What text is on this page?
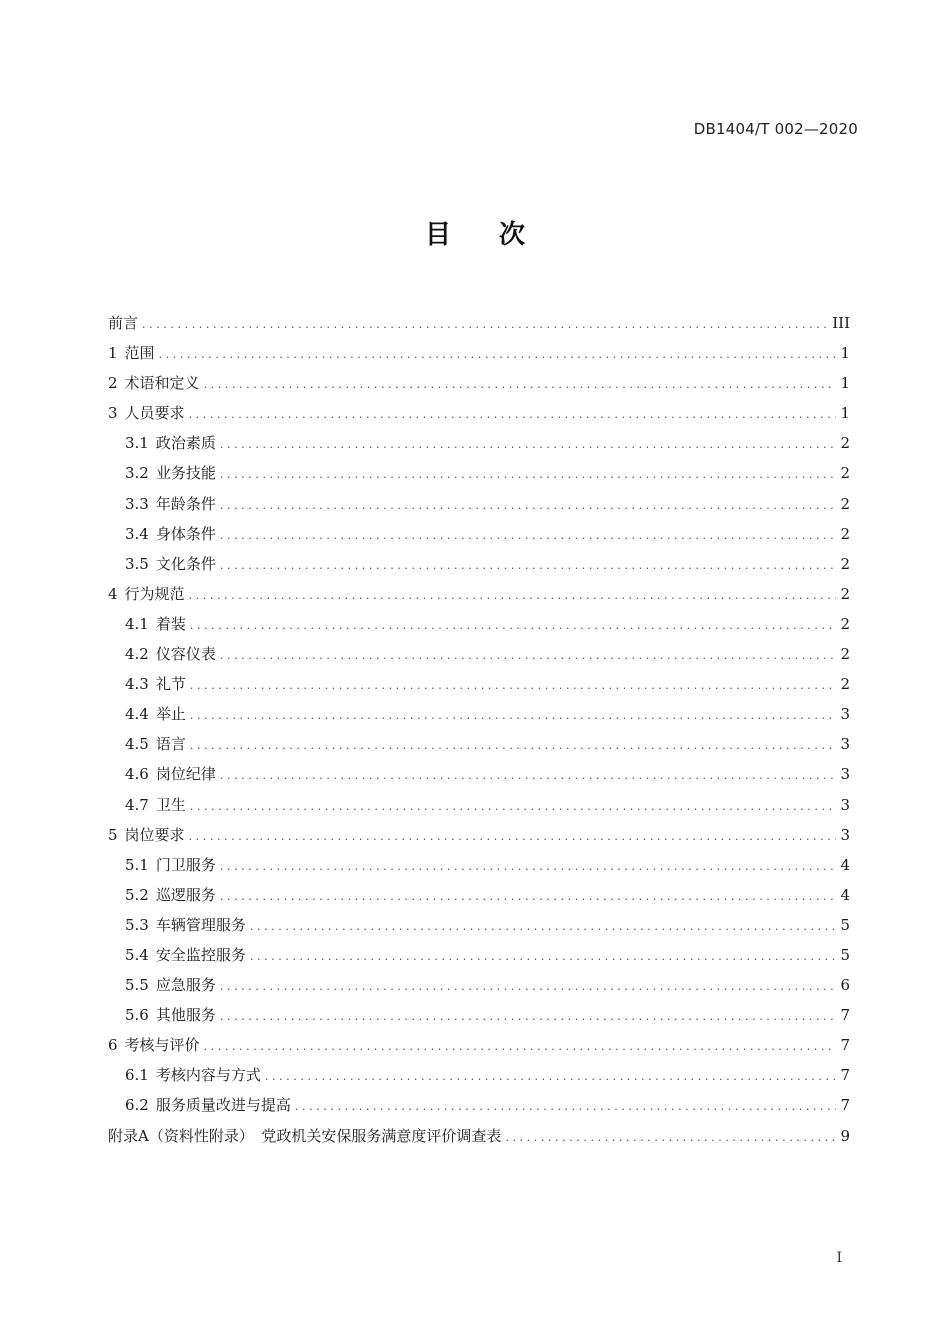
DB1404/T 002—2020
目 次
前言 .....	III
1 范围 .....	1
2 术语和定义 .....	1
3 人员要求 .....	1
3.1 政治素质 .....	2
3.2 业务技能 .....	2
3.3 年龄条件 .....	2
3.4 身体条件 .....	2
3.5 文化条件 .....	2
4 行为规范 .....	2
4.1 着装 .....	2
4.2 仪容仪表 .....	2
4.3 礼节 .....	2
4.4 举止 .....	3
4.5 语言 .....	3
4.6 岗位纪律 .....	3
4.7 卫生 .....	3
5 岗位要求 .....	3
5.1 门卫服务 .....	4
5.2 巡逻服务 .....	4
5.3 车辆管理服务 .....	5
5.4 安全监控服务 .....	5
5.5 应急服务 .....	6
5.6 其他服务 .....	7
6 考核与评价 .....	7
6.1 考核内容与方式 .....	7
6.2 服务质量改进与提高 .....	7
附录A（资料性附录）　党政机关安保服务满意度评价调查表 .....	9
I
